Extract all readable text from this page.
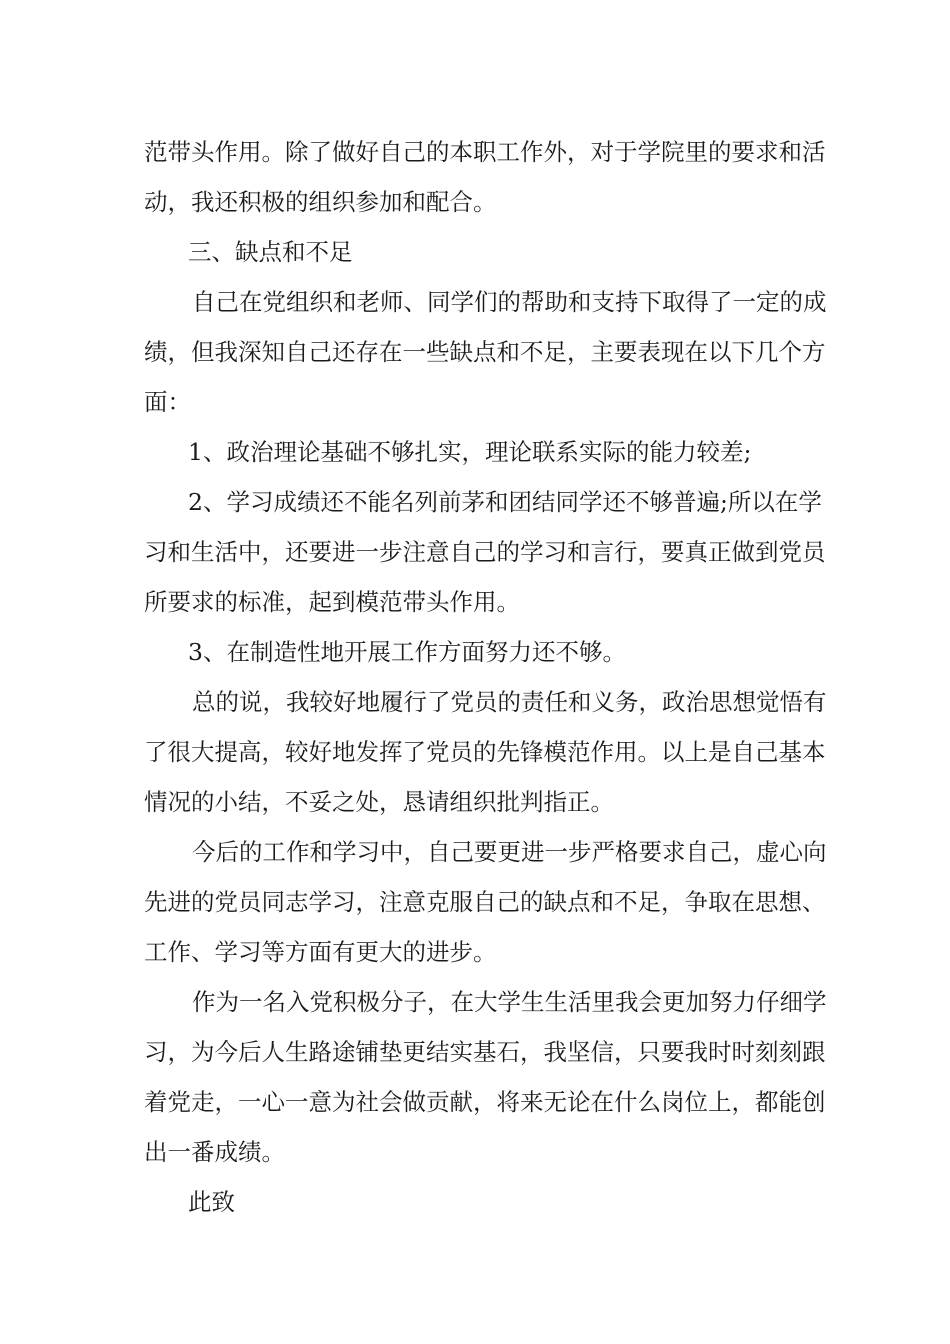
范带头作用。除了做好自己的本职工作外，对于学院里的要求和活
动，我还积极的组织参加和配合。
三、缺点和不足
自己在党组织和老师、同学们的帮助和支持下取得了一定的成
绩，但我深知自己还存在一些缺点和不足，主要表现在以下几个方
面：
1、政治理论基础不够扎实，理论联系实际的能力较差;
2、学习成绩还不能名列前茅和团结同学还不够普遍;所以在学
习和生活中，还要进一步注意自己的学习和言行，要真正做到党员
所要求的标准，起到模范带头作用。
3、在制造性地开展工作方面努力还不够。
总的说，我较好地履行了党员的责任和义务，政治思想觉悟有
了很大提高，较好地发挥了党员的先锋模范作用。以上是自己基本
情况的小结，不妥之处，恳请组织批判指正。
今后的工作和学习中，自己要更进一步严格要求自己，虚心向
先进的党员同志学习，注意克服自己的缺点和不足，争取在思想、
工作、学习等方面有更大的进步。
作为一名入党积极分子，在大学生生活里我会更加努力仔细学
习，为今后人生路途铺垫更结实基石，我坚信，只要我时时刻刻跟
着党走，一心一意为社会做贡献，将来无论在什么岗位上，都能创
出一番成绩。
此致
